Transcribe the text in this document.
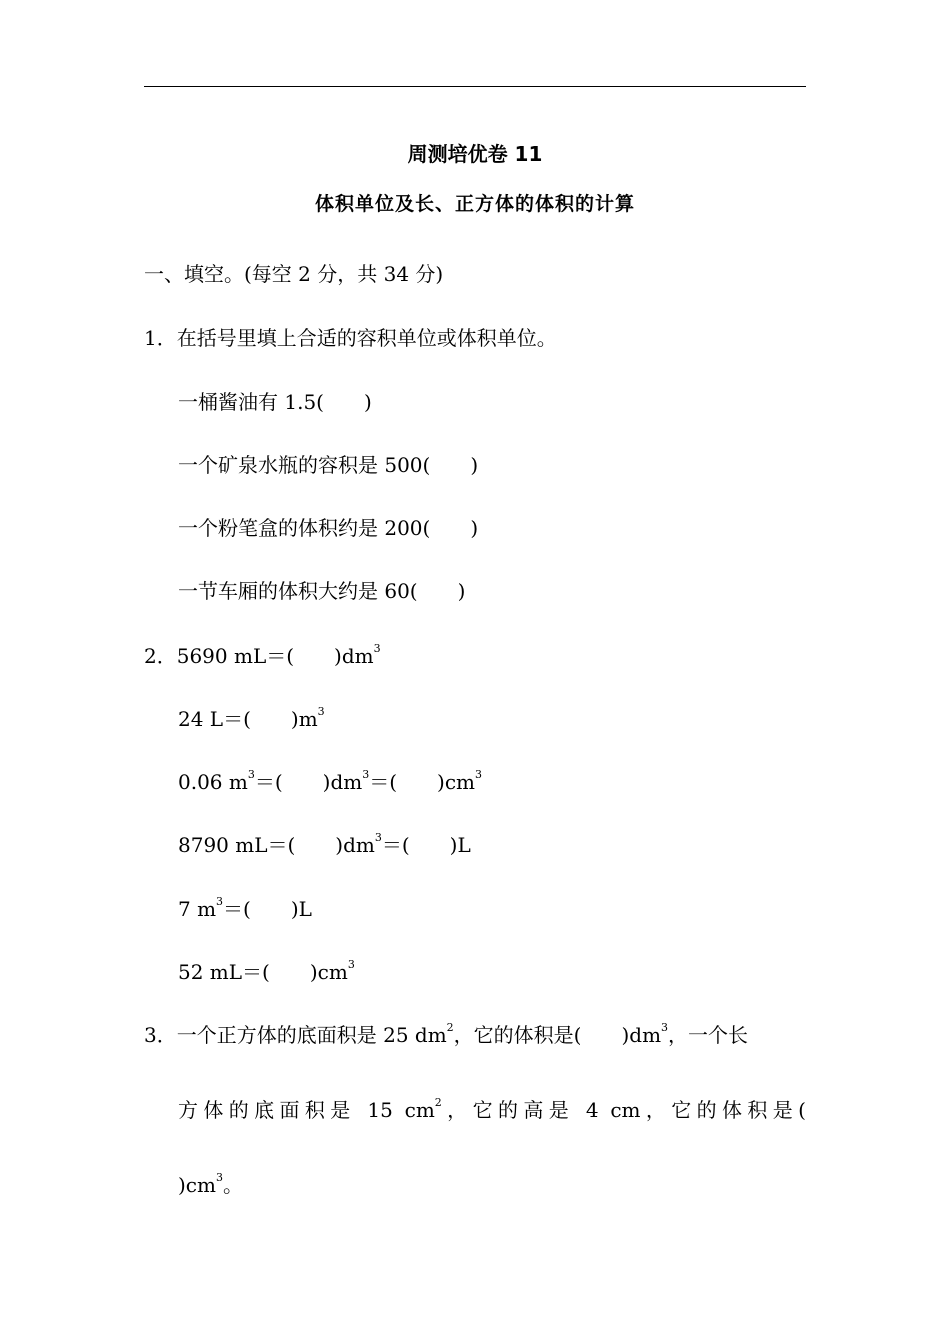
周测培优卷 11
体积单位及长、正方体的体积的计算
一、填空。(每空 2 分，共 34 分)
1．在括号里填上合适的容积单位或体积单位。
一桶酱油有 1.5(　　)
一个矿泉水瓶的容积是 500(　　)
一个粉笔盒的体积约是 200(　　)
一节车厢的体积大约是 60(　　)
2．5690 mL＝(　　)$dm^3$
24 L＝(　　)$m^3$
0.06 $m^3=$(　　)$dm^3=$(　　)$cm^3$
8790 mL＝(　　)$dm^3=$(　　)L
7 $m^3=$(　　)L
52 mL＝(　　)$cm^3$
3．一个正方体的底面积是 25 $dm^2$，它的体积是(　　)$dm^3$，一个长
方体的底面积是 15 $cm^2$，它的高是 4 cm，它的体积是(
)$cm^3$。
